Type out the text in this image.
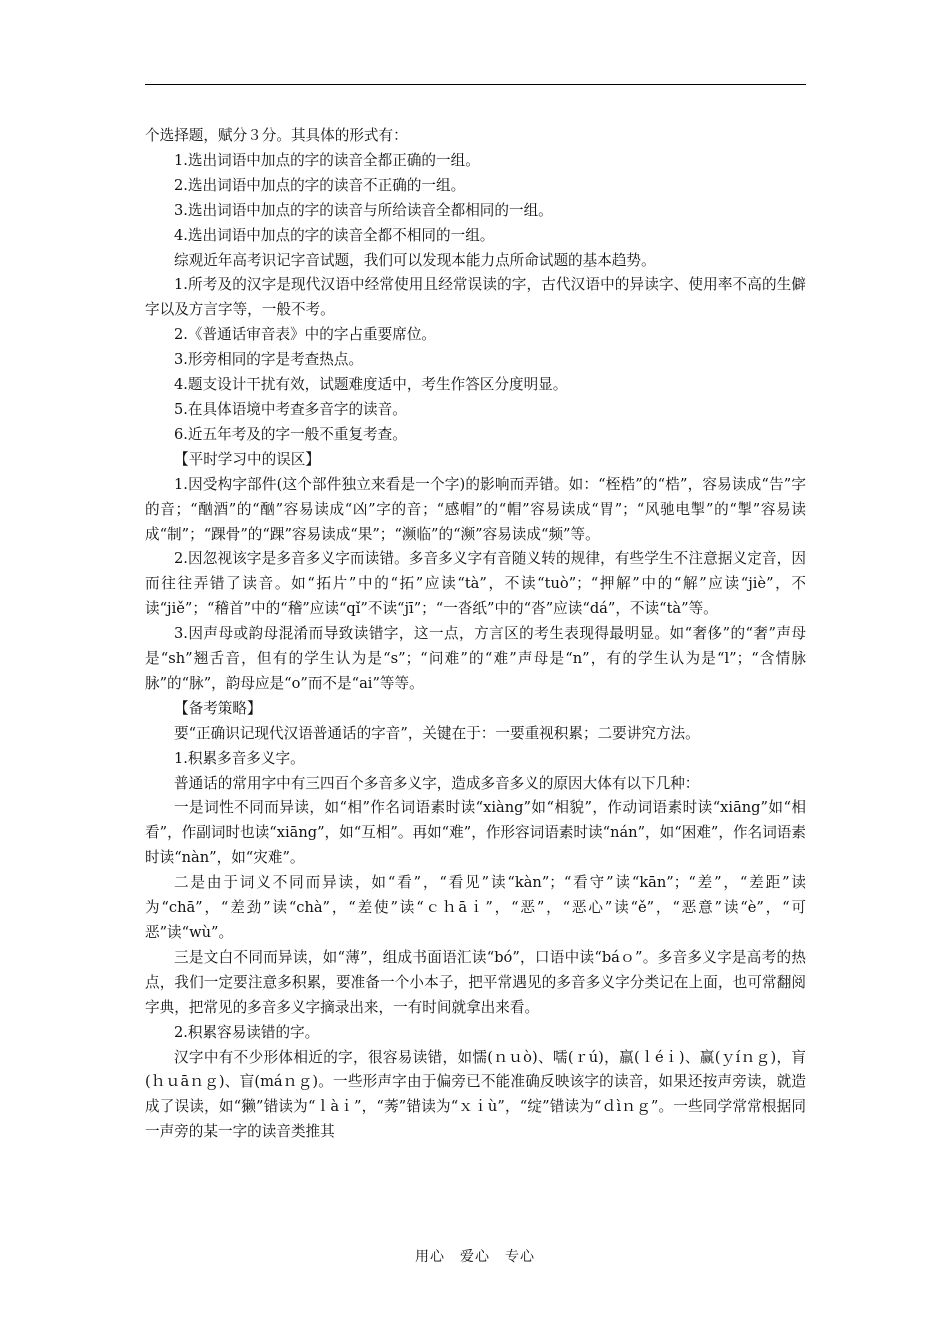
个选择题，赋分３分。其具体的形式有：

1.选出词语中加点的字的读音全都正确的一组。

2.选出词语中加点的字的读音不正确的一组。

3.选出词语中加点的字的读音与所给读音全都相同的一组。

4.选出词语中加点的字的读音全都不相同的一组。

综观近年高考识记字音试题，我们可以发现本能力点所命试题的基本趋势。

1.所考及的汉字是现代汉语中经常使用且经常误读的字，古代汉语中的异读字、使用率不高的生僻字以及方言字等，一般不考。

2.《普通话审音表》中的字占重要席位。

3.形旁相同的字是考查热点。

4.题支设计干扰有效，试题难度适中，考生作答区分度明显。

5.在具体语境中考查多音字的读音。

6.近五年考及的字一般不重复考查。

【平时学习中的误区】

1.因受构字部件(这个部件独立来看是一个字)的影响而弄错。如：“桎梏”的“梏”，容易读成“告”字的音；“酗酒”的“酗”容易读成“凶”字的音；“感帽”的“帽”容易读成“胃”；“风驰电掣”的“掣”容易读成“制”；“踝骨”的“踝”容易读成“果”；“濒临”的“濒”容易读成“频”等。

2.因忽视该字是多音多义字而读错。多音多义字有音随义转的规律，有些学生不注意据义定音，因而往往弄错了读音。如“拓片”中的“拓”应读“tà”，不读“tuò”；“押解”中的“解”应读“jiè”，不读“jiě”；“稽首”中的“稽”应读“qǐ”不读“jī”；“一沓纸”中的“沓”应读“dá”，不读“tà”等。

3.因声母或韵母混淆而导致读错字，这一点，方言区的考生表现得最明显。如“奢侈”的“奢”声母是“sh”翘舌音，但有的学生认为是“s”；“问难”的“难”声母是“n”，有的学生认为是“l”；“含情脉脉”的“脉”，韵母应是“o”而不是“ai”等等。

【备考策略】

要“正确识记现代汉语普通话的字音”，关键在于：一要重视积累；二要讲究方法。

1.积累多音多义字。

普通话的常用字中有三四百个多音多义字，造成多音多义的原因大体有以下几种：

一是词性不同而异读，如“相”作名词语素时读“xiàng”如“相貌”，作动词语素时读“xiāng”如“相看”，作副词时也读“xiāng”，如“互相”。再如“难”，作形容词语素时读“nán”，如“困难”，作名词语素时读“nàn”，如“灾难”。

二是由于词义不同而异读，如“看”，“看见”读“kàn”；“看守”读“kān”；“差”，“差距”读为“chā”，“差劲”读“chà”，“差使”读“ｃｈāｉ”，“恶”，“恶心”读“ě”，“恶意”读“è”，“可恶”读“wù”。

三是文白不同而异读，如“薄”，组成书面语汇读“bó”，口语中读“báｏ”。多音多义字是高考的热点，我们一定要注意多积累，要准备一个小本子，把平常遇见的多音多义字分类记在上面，也可常翻阅字典，把常见的多音多义字摘录出来，一有时间就拿出来看。

2.积累容易读错的字。

汉字中有不少形体相近的字，很容易读错，如懦(ｎｕò)、嚅(ｒú)，羸(ｌéｉ)、赢(ｙíｎｇ)，肓(ｈｕāｎｇ)、盲(máｎｇ)。一些形声字由于偏旁已不能准确反映该字的读音，如果还按声旁读，就造成了误读，如“獭”错读为“ｌàｉ”，“莠”错读为“ｘｉù”，“绽”错读为“ｄìｎｇ”。一些同学常常根据同一声旁的某一字的读音类推其

用心　爱心　专心
